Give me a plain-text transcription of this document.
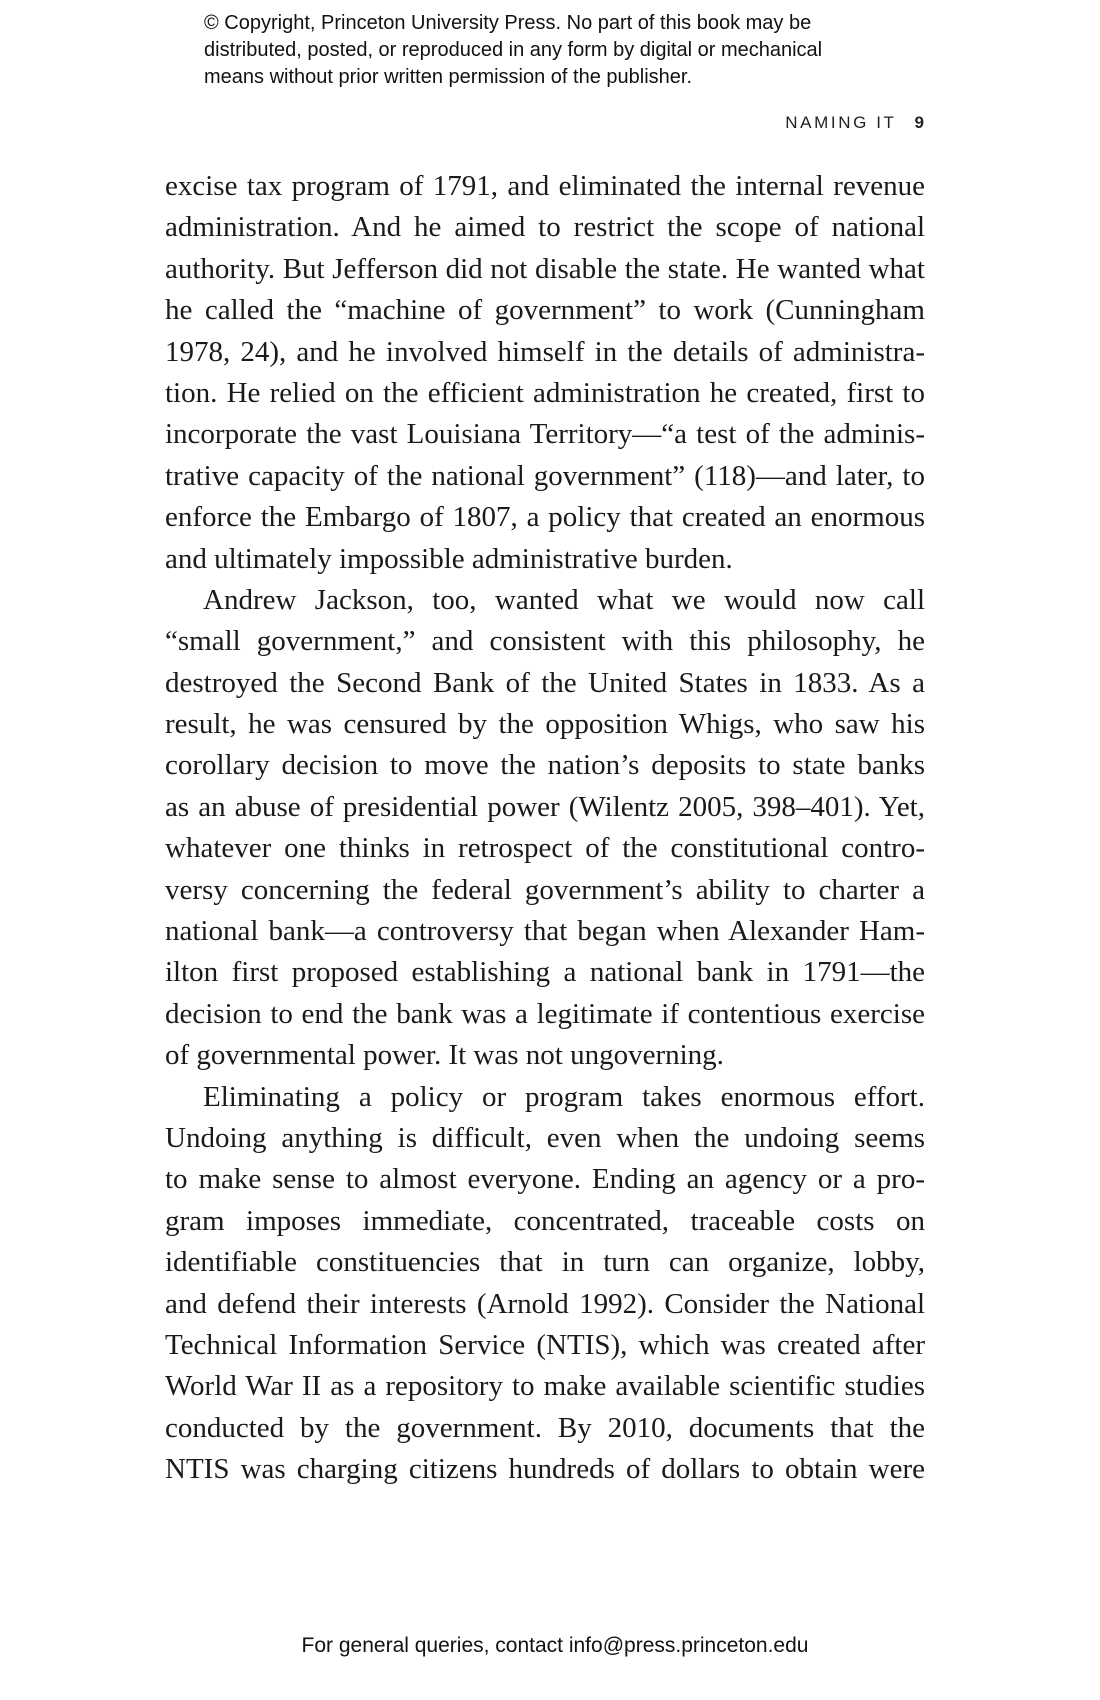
© Copyright, Princeton University Press. No part of this book may be
distributed, posted, or reproduced in any form by digital or mechanical
means without prior written permission of the publisher.
NAMING IT 9
excise tax program of 1791, and eliminated the internal revenue
administration. And he aimed to restrict the scope of national
authority. But Jefferson did not disable the state. He wanted what
he called the “machine of government” to work (Cunningham
1978, 24), and he involved himself in the details of administra-
tion. He relied on the efficient administration he created, first to
incorporate the vast Louisiana Territory—“a test of the adminis-
trative capacity of the national government” (118)—and later, to
enforce the Embargo of 1807, a policy that created an enormous
and ultimately impossible administrative burden.
Andrew Jackson, too, wanted what we would now call
“small government,” and consistent with this philosophy, he
destroyed the Second Bank of the United States in 1833. As a
result, he was censured by the opposition Whigs, who saw his
corollary decision to move the nation’s deposits to state banks
as an abuse of presidential power (Wilentz 2005, 398–401). Yet,
whatever one thinks in retrospect of the constitutional contro-
versy concerning the federal government’s ability to charter a
national bank—a controversy that began when Alexander Ham-
ilton first proposed establishing a national bank in 1791—the
decision to end the bank was a legitimate if contentious exercise
of governmental power. It was not ungoverning.
Eliminating a policy or program takes enormous effort.
Undoing anything is difficult, even when the undoing seems
to make sense to almost everyone. Ending an agency or a pro-
gram imposes immediate, concentrated, traceable costs on
identifiable constituencies that in turn can organize, lobby,
and defend their interests (Arnold 1992). Consider the National
Technical Information Service (NTIS), which was created after
World War II as a repository to make available scientific studies
conducted by the government. By 2010, documents that the
NTIS was charging citizens hundreds of dollars to obtain were
For general queries, contact info@press.princeton.edu
